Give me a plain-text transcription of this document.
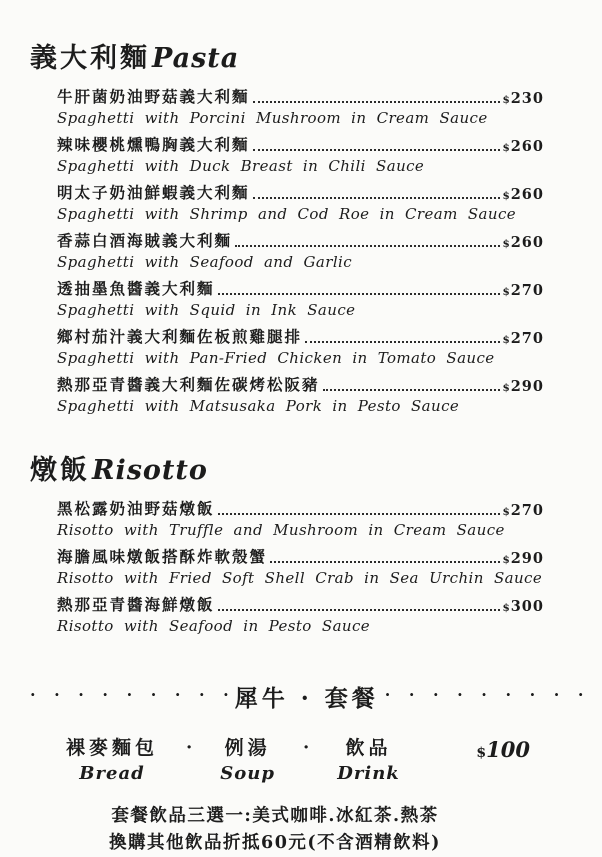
義大利麵Pasta
牛肝菌奶油野菇義大利麵	$230
Spaghetti with Porcini Mushroom in Cream Sauce
辣味櫻桃燻鴨胸義大利麵	$260
Spaghetti with Duck Breast in Chili Sauce
明太子奶油鮮蝦義大利麵	$260
Spaghetti with Shrimp and Cod Roe in Cream Sauce
香蒜白酒海賊義大利麵	$260
Spaghetti with Seafood and Garlic
透抽墨魚醬義大利麵	$270
Spaghetti with Squid in Ink Sauce
鄉村茄汁義大利麵佐板煎雞腿排	$270
Spaghetti with Pan-Fried Chicken in Tomato Sauce
熱那亞青醬義大利麵佐碳烤松阪豬	$290
Spaghetti with Matsusaka Pork in Pesto Sauce
燉飯Risotto
黑松露奶油野菇燉飯	$270
Risotto with Truffle and Mushroom in Cream Sauce
海膽風味燉飯搭酥炸軟殼蟹	$290
Risotto with Fried Soft Shell Crab in Sea Urchin Sauce
熱那亞青醬海鮮燉飯	$300
Risotto with Seafood in Pesto Sauce
· · · · · · · · · 犀牛 · 套餐 · · · · · · · · ·
裸麥麵包
Bread
· 例湯
Soup
· 飲品
Drink
$100
套餐飲品三選一:美式咖啡.冰紅茶.熱茶
換購其他飲品折抵60元(不含酒精飲料)
